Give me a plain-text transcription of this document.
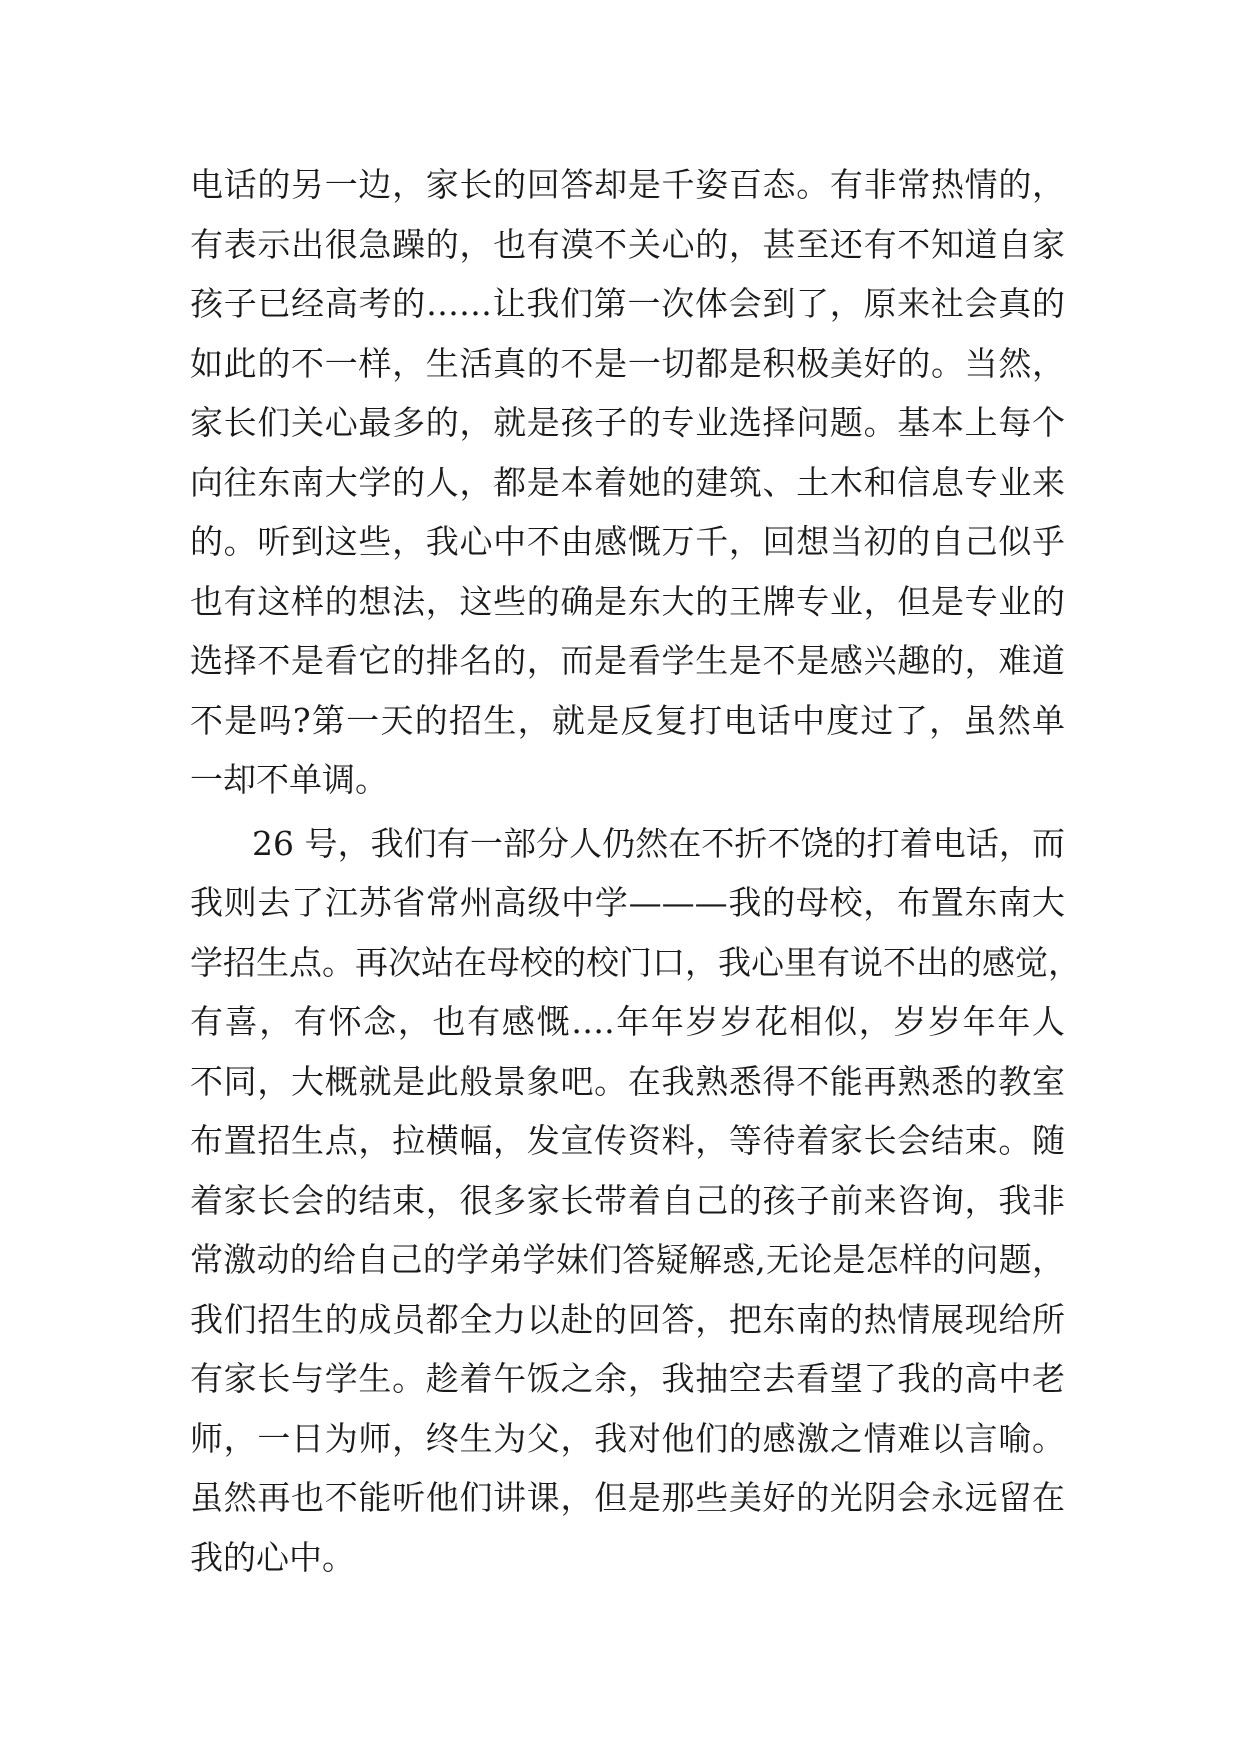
电话的另一边，家长的回答却是千姿百态。有非常热情的，
有表示出很急躁的，也有漠不关心的，甚至还有不知道自家
孩子已经高考的……让我们第一次体会到了，原来社会真的
如此的不一样，生活真的不是一切都是积极美好的。当然，
家长们关心最多的，就是孩子的专业选择问题。基本上每个
向往东南大学的人，都是本着她的建筑、土木和信息专业来
的。听到这些，我心中不由感慨万千，回想当初的自己似乎
也有这样的想法，这些的确是东大的王牌专业，但是专业的
选择不是看它的排名的，而是看学生是不是感兴趣的，难道
不是吗?第一天的招生，就是反复打电话中度过了，虽然单
一却不单调。
26 号，我们有一部分人仍然在不折不饶的打着电话，而
我则去了江苏省常州高级中学———我的母校，布置东南大
学招生点。再次站在母校的校门口，我心里有说不出的感觉，
有喜，有怀念，也有感慨….年年岁岁花相似，岁岁年年人
不同，大概就是此般景象吧。在我熟悉得不能再熟悉的教室
布置招生点，拉横幅，发宣传资料，等待着家长会结束。随
着家长会的结束，很多家长带着自己的孩子前来咨询，我非
常激动的给自己的学弟学妹们答疑解惑,无论是怎样的问题，
我们招生的成员都全力以赴的回答，把东南的热情展现给所
有家长与学生。趁着午饭之余，我抽空去看望了我的高中老
师，一日为师，终生为父，我对他们的感激之情难以言喻。
虽然再也不能听他们讲课，但是那些美好的光阴会永远留在
我的心中。
